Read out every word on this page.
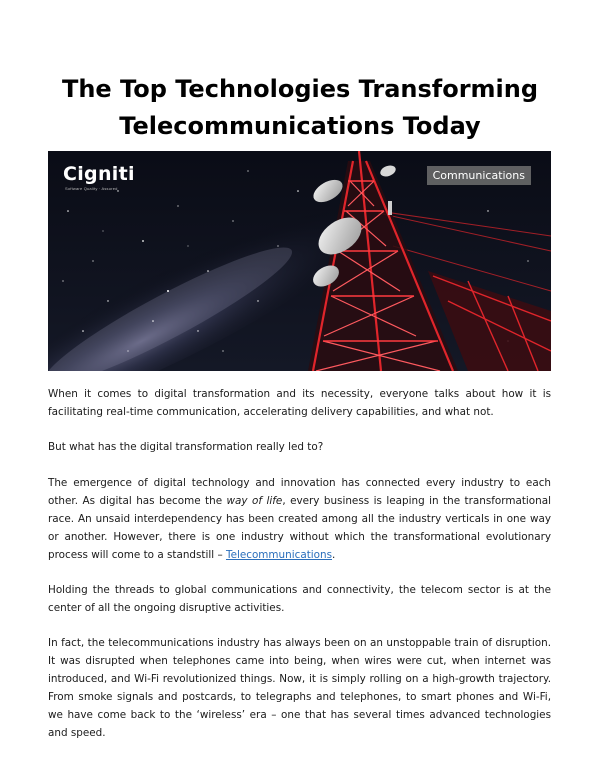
The Top Technologies Transforming Telecommunications Today
Cigniti
Software Quality · Assured
Communications

When it comes to digital transformation and its necessity, everyone talks about how it is facilitating real-time communication, accelerating delivery capabilities, and what not.

But what has the digital transformation really led to?

The emergence of digital technology and innovation has connected every industry to each other. As digital has become the way of life, every business is leaping in the transformational race. An unsaid interdependency has been created among all the industry verticals in one way or another. However, there is one industry without which the transformational evolutionary process will come to a standstill – Telecommunications.

Holding the threads to global communications and connectivity, the telecom sector is at the center of all the ongoing disruptive activities.

In fact, the telecommunications industry has always been on an unstoppable train of disruption. It was disrupted when telephones came into being, when wires were cut, when internet was introduced, and Wi-Fi revolutionized things. Now, it is simply rolling on a high-growth trajectory. From smoke signals and postcards, to telegraphs and telephones, to smart phones and Wi-Fi, we have come back to the ‘wireless’ era – one that has several times advanced technologies and speed.
